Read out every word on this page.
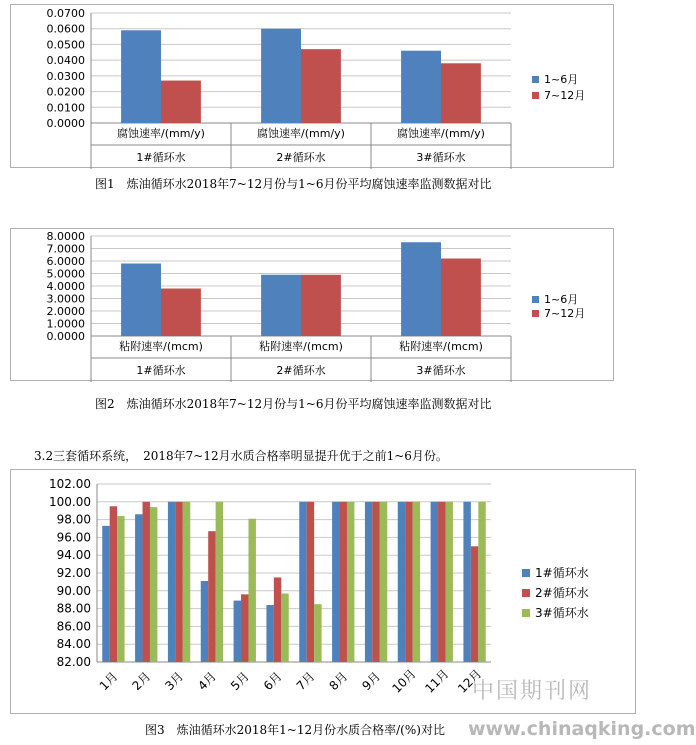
0.0000
0.0100
0.0200
0.0300
0.0400
0.0500
0.0600
0.0700
腐蚀速率/(mm/y)
1#循环水
腐蚀速率/(mm/y)
2#循环水
腐蚀速率/(mm/y)
3#循环水
1~6月
7~12月
图1　炼油循环水2018年7~12月份与1~6月份平均腐蚀速率监测数据对比
0.0000
1.0000
2.0000
3.0000
4.0000
5.0000
6.0000
7.0000
8.0000
粘附速率/(mcm)
1#循环水
粘附速率/(mcm)
2#循环水
粘附速率/(mcm)
3#循环水
1~6月
7~12月
图2　炼油循环水2018年7~12月份与1~6月份平均腐蚀速率监测数据对比
3.2三套循环系统，　2018年7~12月水质合格率明显提升优于之前1~6月份。
82.00
84.00
86.00
88.00
90.00
92.00
94.00
96.00
98.00
100.00
102.00
1月 2月 3月 4月 5月 6月 7月 8月 9月 10月 11月 12月
1#循环水
2#循环水
3#循环水
图3　炼油循环水2018年1~12月份水质合格率/(%)对比
中国期刊网
www.chinaqking.com
